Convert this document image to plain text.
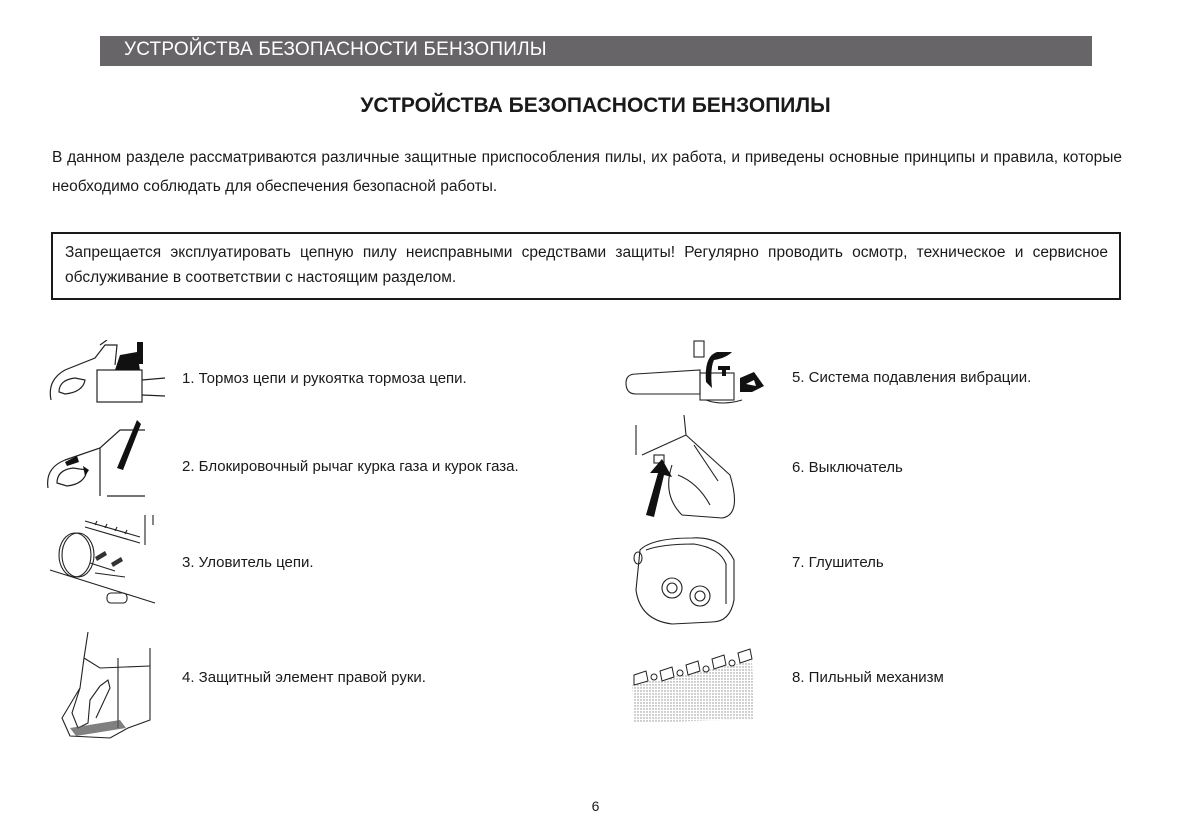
УСТРОЙСТВА БЕЗОПАСНОСТИ БЕНЗОПИЛЫ
УСТРОЙСТВА БЕЗОПАСНОСТИ БЕНЗОПИЛЫ
В данном разделе рассматриваются различные защитные приспособления пилы, их работа, и приведены основные принципы и правила, которые необходимо соблюдать для обеспечения безопасной работы.

Запрещается эксплуатировать цепную пилу неисправными средствами защиты! Регулярно проводить осмотр, техническое и сервисное обслуживание в соответствии с настоящим разделом.

1. Тормоз цепи и рукоятка тормоза цепи.
2. Блокировочный рычаг курка газа и курок газа.
3. Уловитель цепи.
4. Защитный элемент правой руки.
5. Система подавления вибрации.
6. Выключатель
7. Глушитель
8. Пильный механизм
6
